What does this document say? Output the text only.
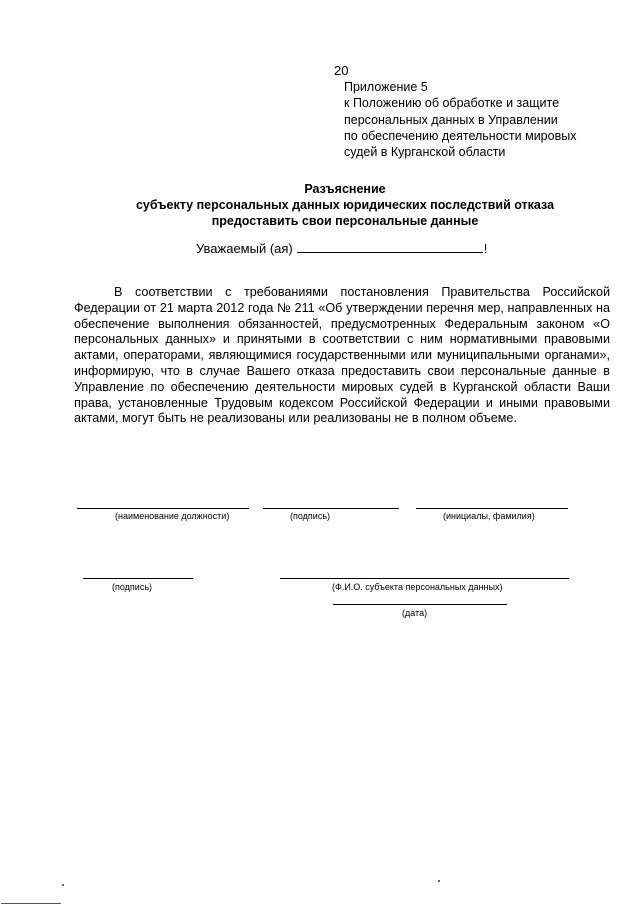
20
Приложение 5
к Положению об обработке и защите
персональных данных в Управлении
по обеспечению деятельности мировых
судей в Курганской области
Разъяснение
субъекту персональных данных юридических последствий отказа
предоставить свои персональные данные
Уважаемый (ая)	!
В соответствии с требованиями постановления Правительства Российской Федерации от 21 марта 2012 года № 211 «Об утверждении перечня мер, направленных на обеспечение выполнения обязанностей, предусмотренных Федеральным законом «О персональных данных» и принятыми в соответствии с ним нормативными правовыми актами, операторами, являющимися государственными или муниципальными органами», информирую, что в случае Вашего отказа предоставить свои персональные данные в Управление по обеспечению деятельности мировых судей в Курганской области Ваши права, установленные Трудовым кодексом Российской Федерации и иными правовыми актами, могут быть не реализованы или реализованы не в полном объеме.
(наименование должности)	(подпись)	(инициалы, фамилия)
(подпись)	(Ф.И.О. субъекта персональных данных)
(дата)
